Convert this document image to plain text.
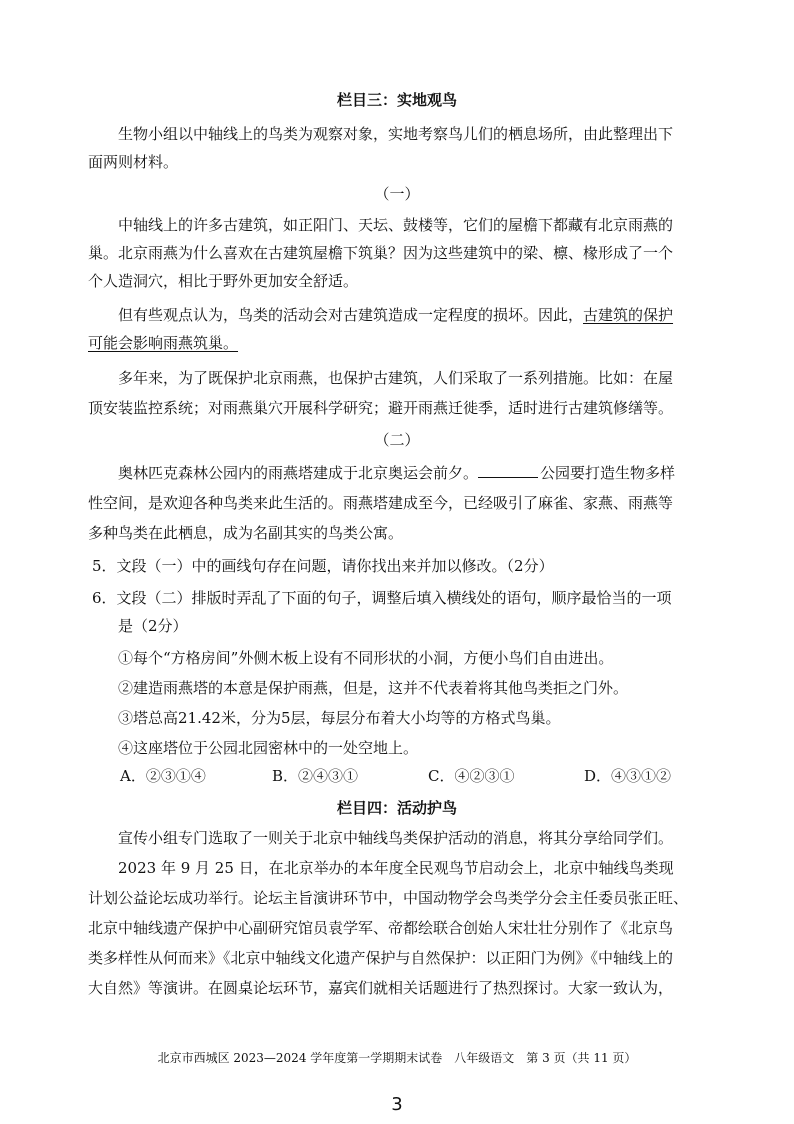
栏目三：实地观鸟
生物小组以中轴线上的鸟类为观察对象，实地考察鸟儿们的栖息场所，由此整理出下
面两则材料。
（一）
中轴线上的许多古建筑，如正阳门、天坛、鼓楼等，它们的屋檐下都藏有北京雨燕的
巢。北京雨燕为什么喜欢在古建筑屋檐下筑巢？因为这些建筑中的梁、檩、椽形成了一个
个人造洞穴，相比于野外更加安全舒适。
但有些观点认为，鸟类的活动会对古建筑造成一定程度的损坏。因此，古建筑的保护
可能会影响雨燕筑巢。
多年来，为了既保护北京雨燕，也保护古建筑，人们采取了一系列措施。比如：在屋
顶安装监控系统；对雨燕巢穴开展科学研究；避开雨燕迁徙季，适时进行古建筑修缮等。
（二）
奥林匹克森林公园内的雨燕塔建成于北京奥运会前夕。	公园要打造生物多样
性空间，是欢迎各种鸟类来此生活的。雨燕塔建成至今，已经吸引了麻雀、家燕、雨燕等
多种鸟类在此栖息，成为名副其实的鸟类公寓。
5．文段（一）中的画线句存在问题，请你找出来并加以修改。（2分）
6．文段（二）排版时弄乱了下面的句子，调整后填入横线处的语句，顺序最恰当的一项
是（2分）
①每个“方格房间”外侧木板上设有不同形状的小洞，方便小鸟们自由进出。
②建造雨燕塔的本意是保护雨燕，但是，这并不代表着将其他鸟类拒之门外。
③塔总高21.42米，分为5层，每层分布着大小均等的方格式鸟巢。
④这座塔位于公园北园密林中的一处空地上。
A．②③①④	B．②④③①	C．④②③①	D．④③①②
栏目四：活动护鸟
宣传小组专门选取了一则关于北京中轴线鸟类保护活动的消息，将其分享给同学们。
2023 年 9 月 25 日，在北京举办的本年度全民观鸟节启动会上，北京中轴线鸟类现
计划公益论坛成功举行。论坛主旨演讲环节中，中国动物学会鸟类学分会主任委员张正旺、
北京中轴线遗产保护中心副研究馆员袁学军、帝都绘联合创始人宋壮壮分别作了《北京鸟
类多样性从何而来》《北京中轴线文化遗产保护与自然保护：以正阳门为例》《中轴线上的
大自然》等演讲。在圆桌论坛环节，嘉宾们就相关话题进行了热烈探讨。大家一致认为，
北京市西城区 2023—2024 学年度第一学期期末试卷　八年级语文　第 3 页（共 11 页）
3
